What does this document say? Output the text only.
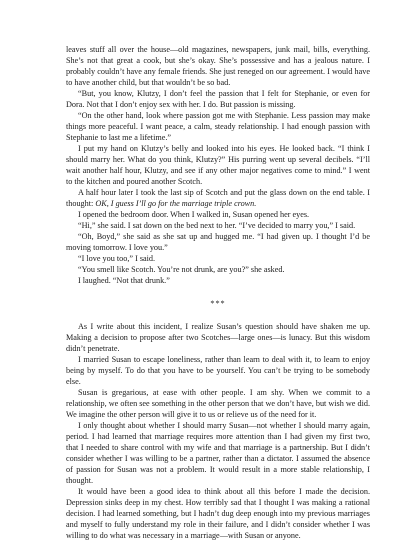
leaves stuff all over the house—old magazines, newspapers, junk mail, bills, everything. She’s not that great a cook, but she’s okay. She’s possessive and has a jealous nature. I probably couldn’t have any female friends. She just reneged on our agreement. I would have to have another child, but that wouldn’t be so bad.

“But, you know, Klutzy, I don’t feel the passion that I felt for Stephanie, or even for Dora. Not that I don’t enjoy sex with her. I do. But passion is missing.

“On the other hand, look where passion got me with Stephanie. Less passion may make things more peaceful. I want peace, a calm, steady relationship. I had enough passion with Stephanie to last me a lifetime.”

I put my hand on Klutzy’s belly and looked into his eyes. He looked back. “I think I should marry her. What do you think, Klutzy?” His purring went up several decibels. “I’ll wait another half hour, Klutzy, and see if any other major negatives come to mind.” I went to the kitchen and poured another Scotch.

A half hour later I took the last sip of Scotch and put the glass down on the end table. I thought: OK, I guess I’ll go for the marriage triple crown.

I opened the bedroom door. When I walked in, Susan opened her eyes.

“Hi,” she said. I sat down on the bed next to her. “I’ve decided to marry you,” I said.

“Oh, Boyd,” she said as she sat up and hugged me. “I had given up. I thought I’d be moving tomorrow. I love you.”

“I love you too,” I said.

“You smell like Scotch. You’re not drunk, are you?” she asked.

I laughed. “Not that drunk.”

***

As I write about this incident, I realize Susan’s question should have shaken me up. Making a decision to propose after two Scotches—large ones—is lunacy. But this wisdom didn’t penetrate.

I married Susan to escape loneliness, rather than learn to deal with it, to learn to enjoy being by myself. To do that you have to be yourself. You can’t be trying to be somebody else.

Susan is gregarious, at ease with other people. I am shy. When we commit to a relationship, we often see something in the other person that we don’t have, but wish we did. We imagine the other person will give it to us or relieve us of the need for it.

I only thought about whether I should marry Susan—not whether I should marry again, period. I had learned that marriage requires more attention than I had given my first two, that I needed to share control with my wife and that marriage is a partnership. But I didn’t consider whether I was willing to be a partner, rather than a dictator. I assumed the absence of passion for Susan was not a problem. It would result in a more stable relationship, I thought.

It would have been a good idea to think about all this before I made the decision. Depression sinks deep in my chest. How terribly sad that I thought I was making a rational decision. I had learned something, but I hadn’t dug deep enough into my previous marriages and myself to fully understand my role in their failure, and I didn’t consider whether I was willing to do what was necessary in a marriage—with Susan or anyone.
